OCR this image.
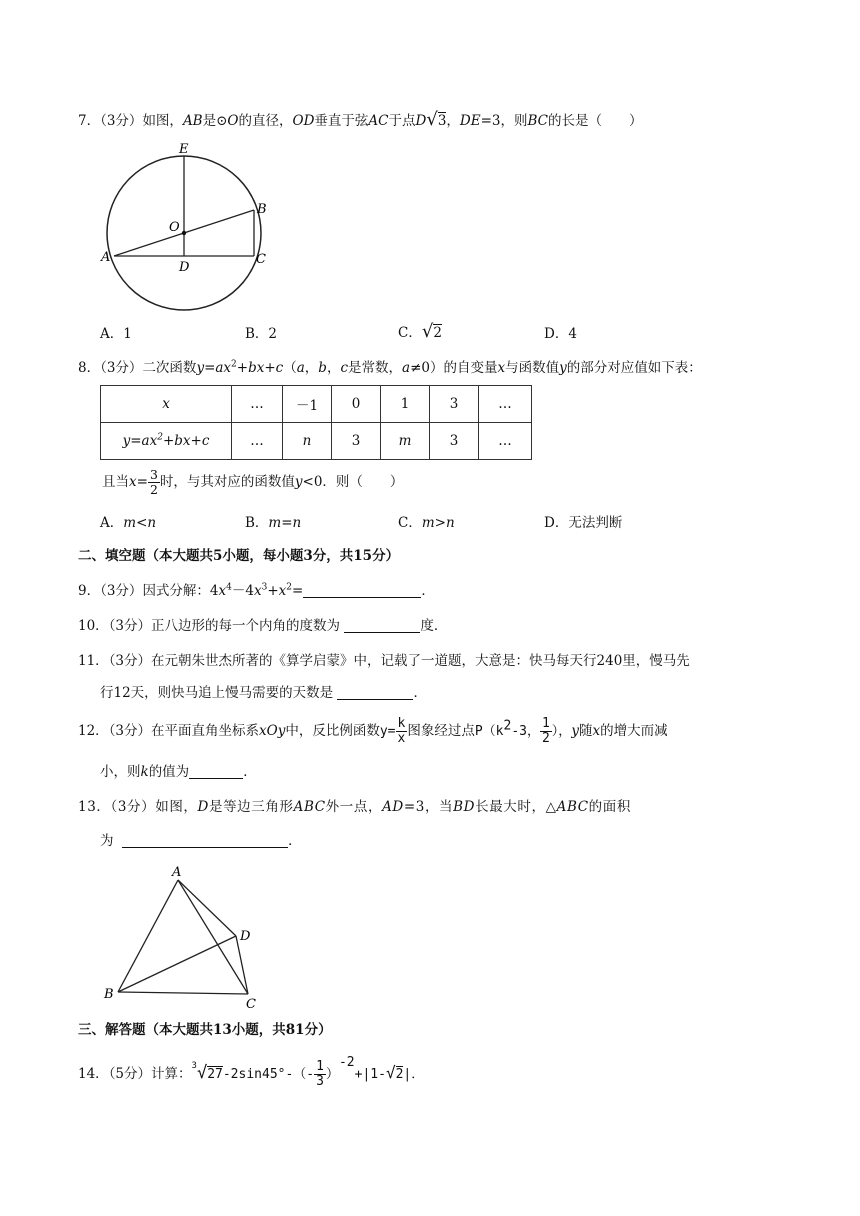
7．（3分）如图，AB是⊙O的直径，OD垂直于弦AC于点D√3，DE=3，则BC的长是（　　）
E
O
B
A
D
C
A．1	B．2	C．√2	D．4
8．（3分）二次函数$y=ax^2+bx+c(a$，b，c是常数，a≠0）的自变量x与函数值y的部分对应值如下表：
x	…	－1	0	1	3	…
$y=ax^2+bx+c$	…	n	3	m	3	…
且当$x= \frac{3}{2}$ 时，与其对应的函数值y<0．则（　　）
A．m<n	B．m=n	C．m>n	D．无法判断
二、填空题（本大题共5小题，每小题3分，共15分）
9．（3分）因式分解：$4x^4-4x^3+x^2=$	．
10．（3分）正八边形的每一个内角的度数为	度．
11．（3分）在元朝朱世杰所著的《算学启蒙》中，记载了一道题，大意是：快马每天行240里，慢马先
行12天，则快马追上慢马需要的天数是	．
12．（3分）在平面直角坐标系xOy中，反比例函数$y= \frac{k}{x}$ 图象经过点$P(k^2-3$， $\frac{1}{2}$ ），y随x的增大而减
小，则k的值为	．
13．（3分）如图，D是等边三角形ABC外一点，AD=3，当BD长最大时，△ABC的面积
为	．
A
D
B
C
三、解答题（本大题共13小题，共81分）
14．（5分）计算：$^3√27-2\sin 45^\circ-(- \frac{1}{3} )^{-2}+|1-√2|$．
